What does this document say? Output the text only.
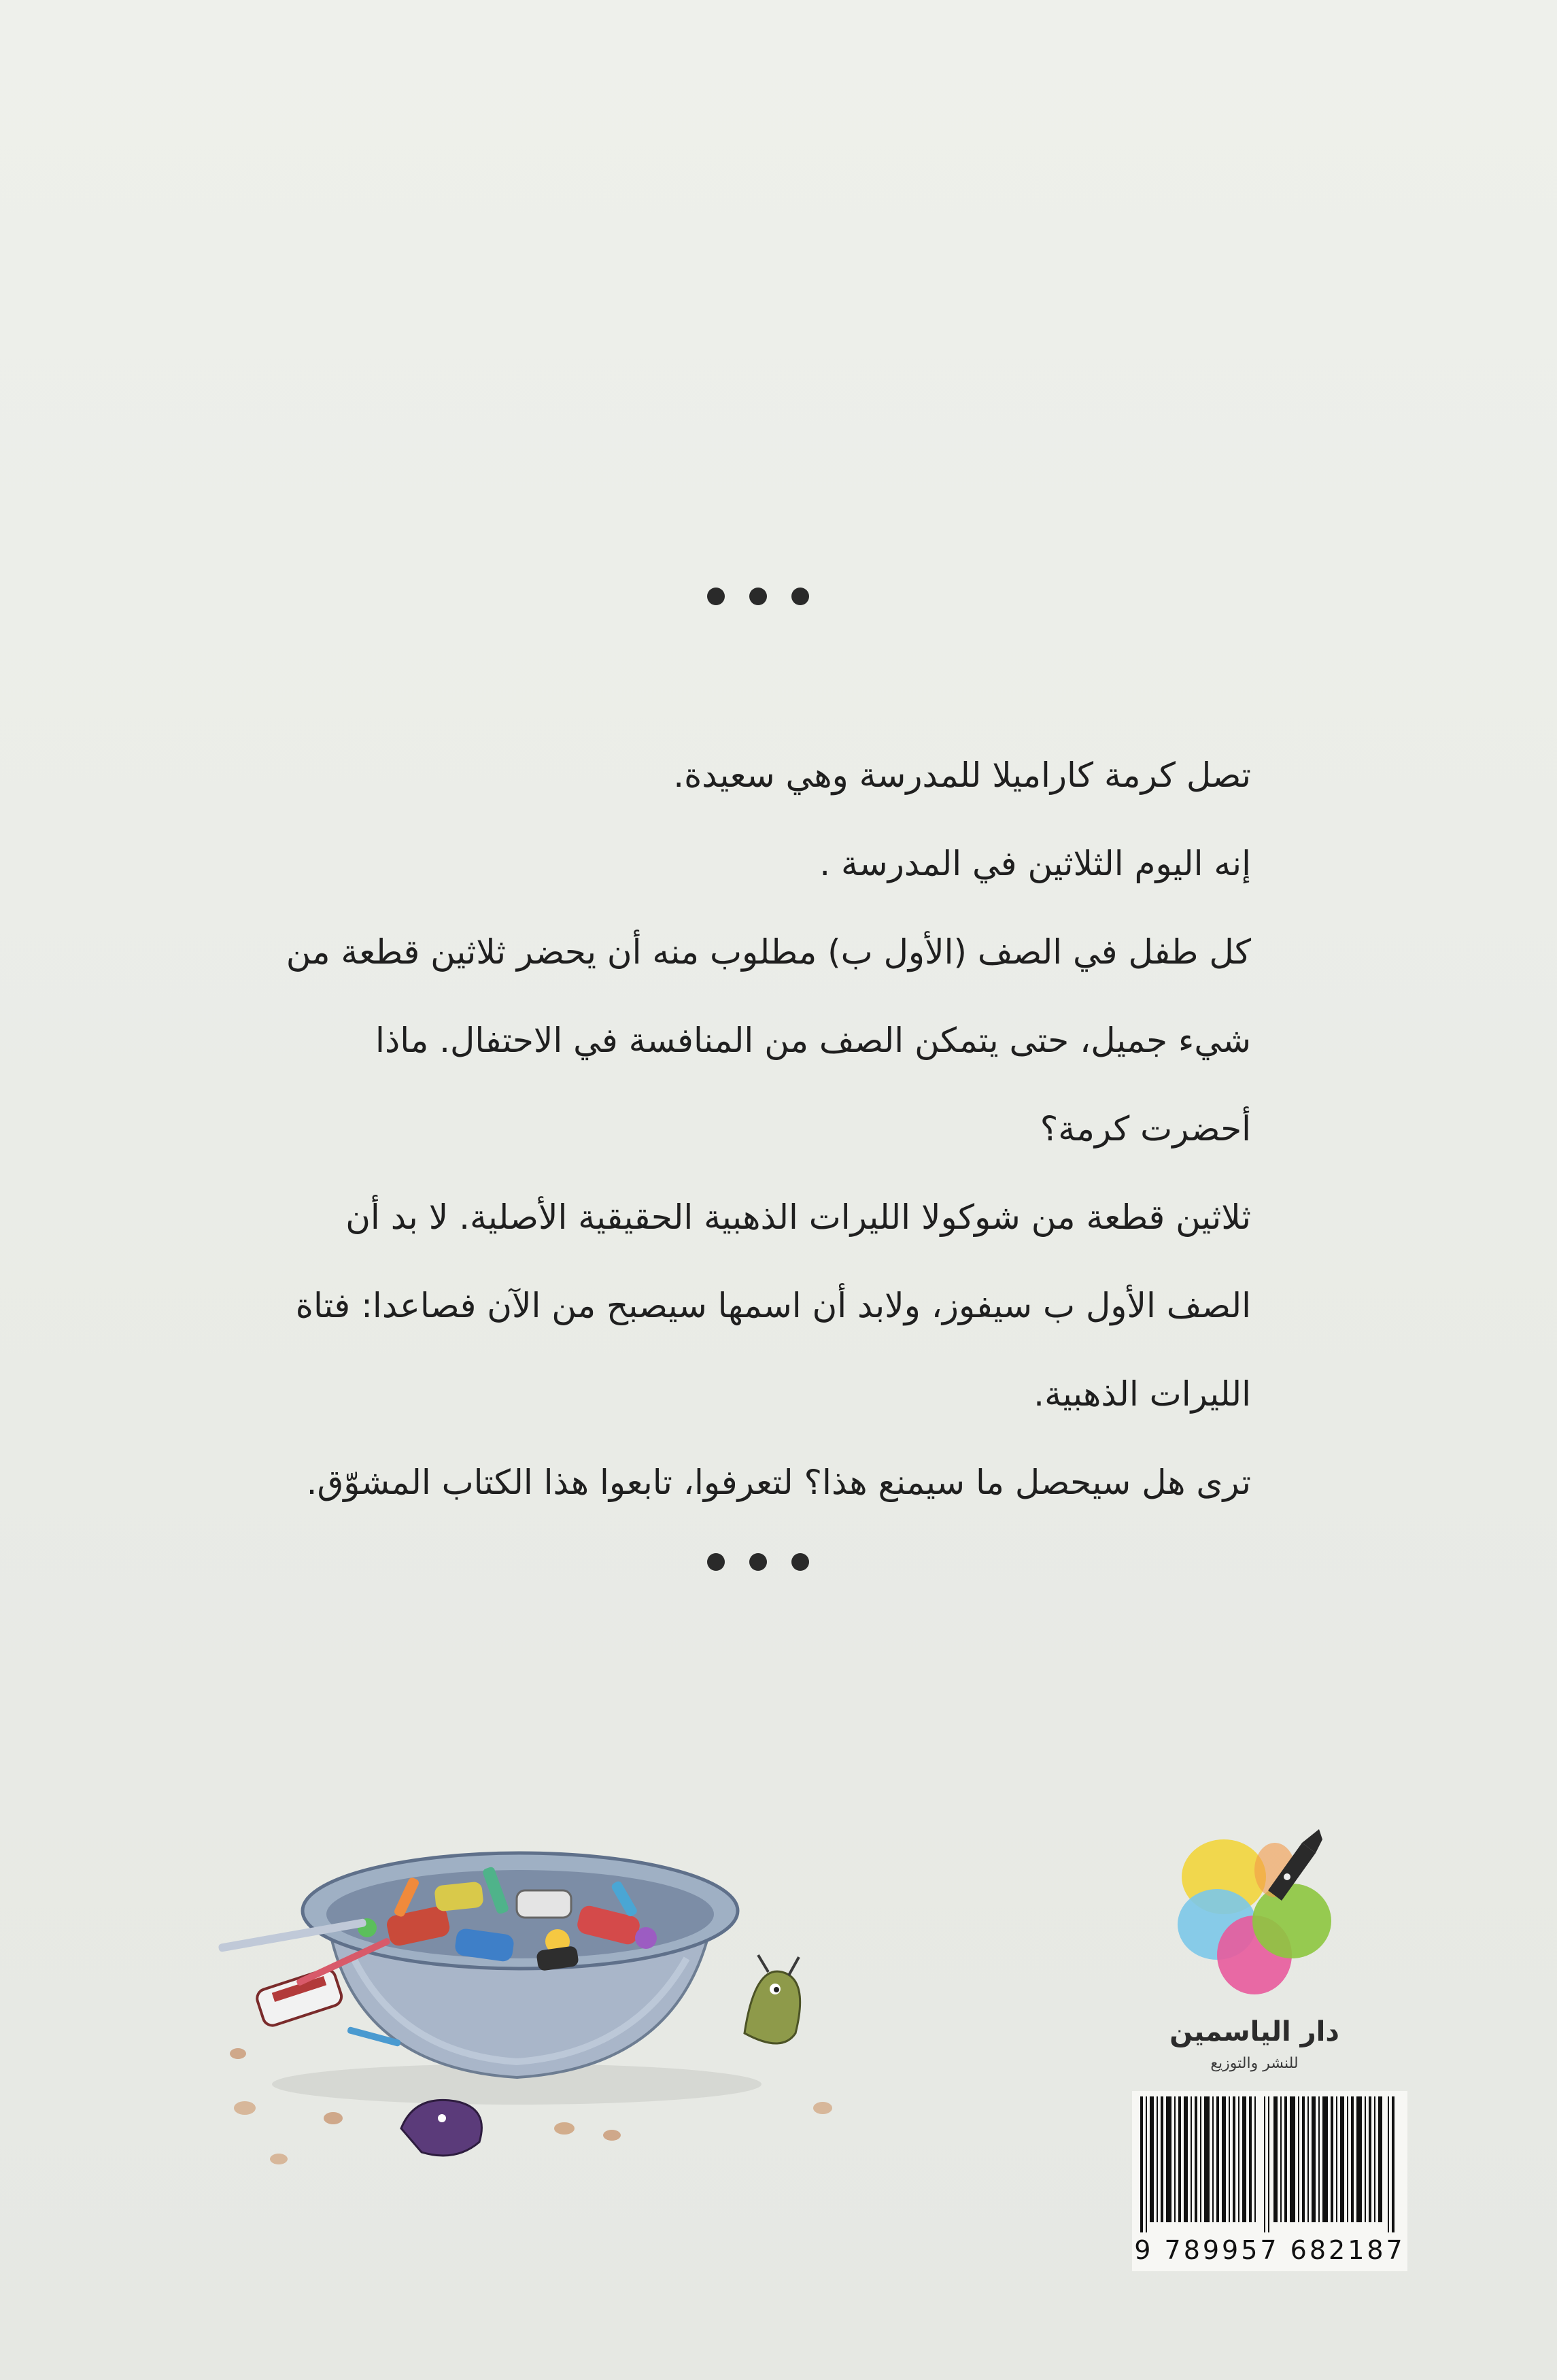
تصل كرمة كاراميلا للمدرسة وهي سعيدة.

إنه اليوم الثلاثين في المدرسة .

كل طفل في الصف (الأول ب) مطلوب منه أن يحضر ثلاثين قطعة من شيء جميل، حتى يتمكن الصف من المنافسة في الاحتفال. ماذا أحضرت كرمة؟

ثلاثين قطعة من شوكولا الليرات الذهبية الحقيقية الأصلية. لا بد أن الصف الأول ب سيفوز، ولابد أن اسمها سيصبح من الآن فصاعدا: فتاة الليرات الذهبية.

ترى هل سيحصل ما سيمنع هذا؟ لتعرفوا، تابعوا هذا الكتاب المشوّق.

دار الياسمين
للنشر والتوزيع
9 789957 682187
